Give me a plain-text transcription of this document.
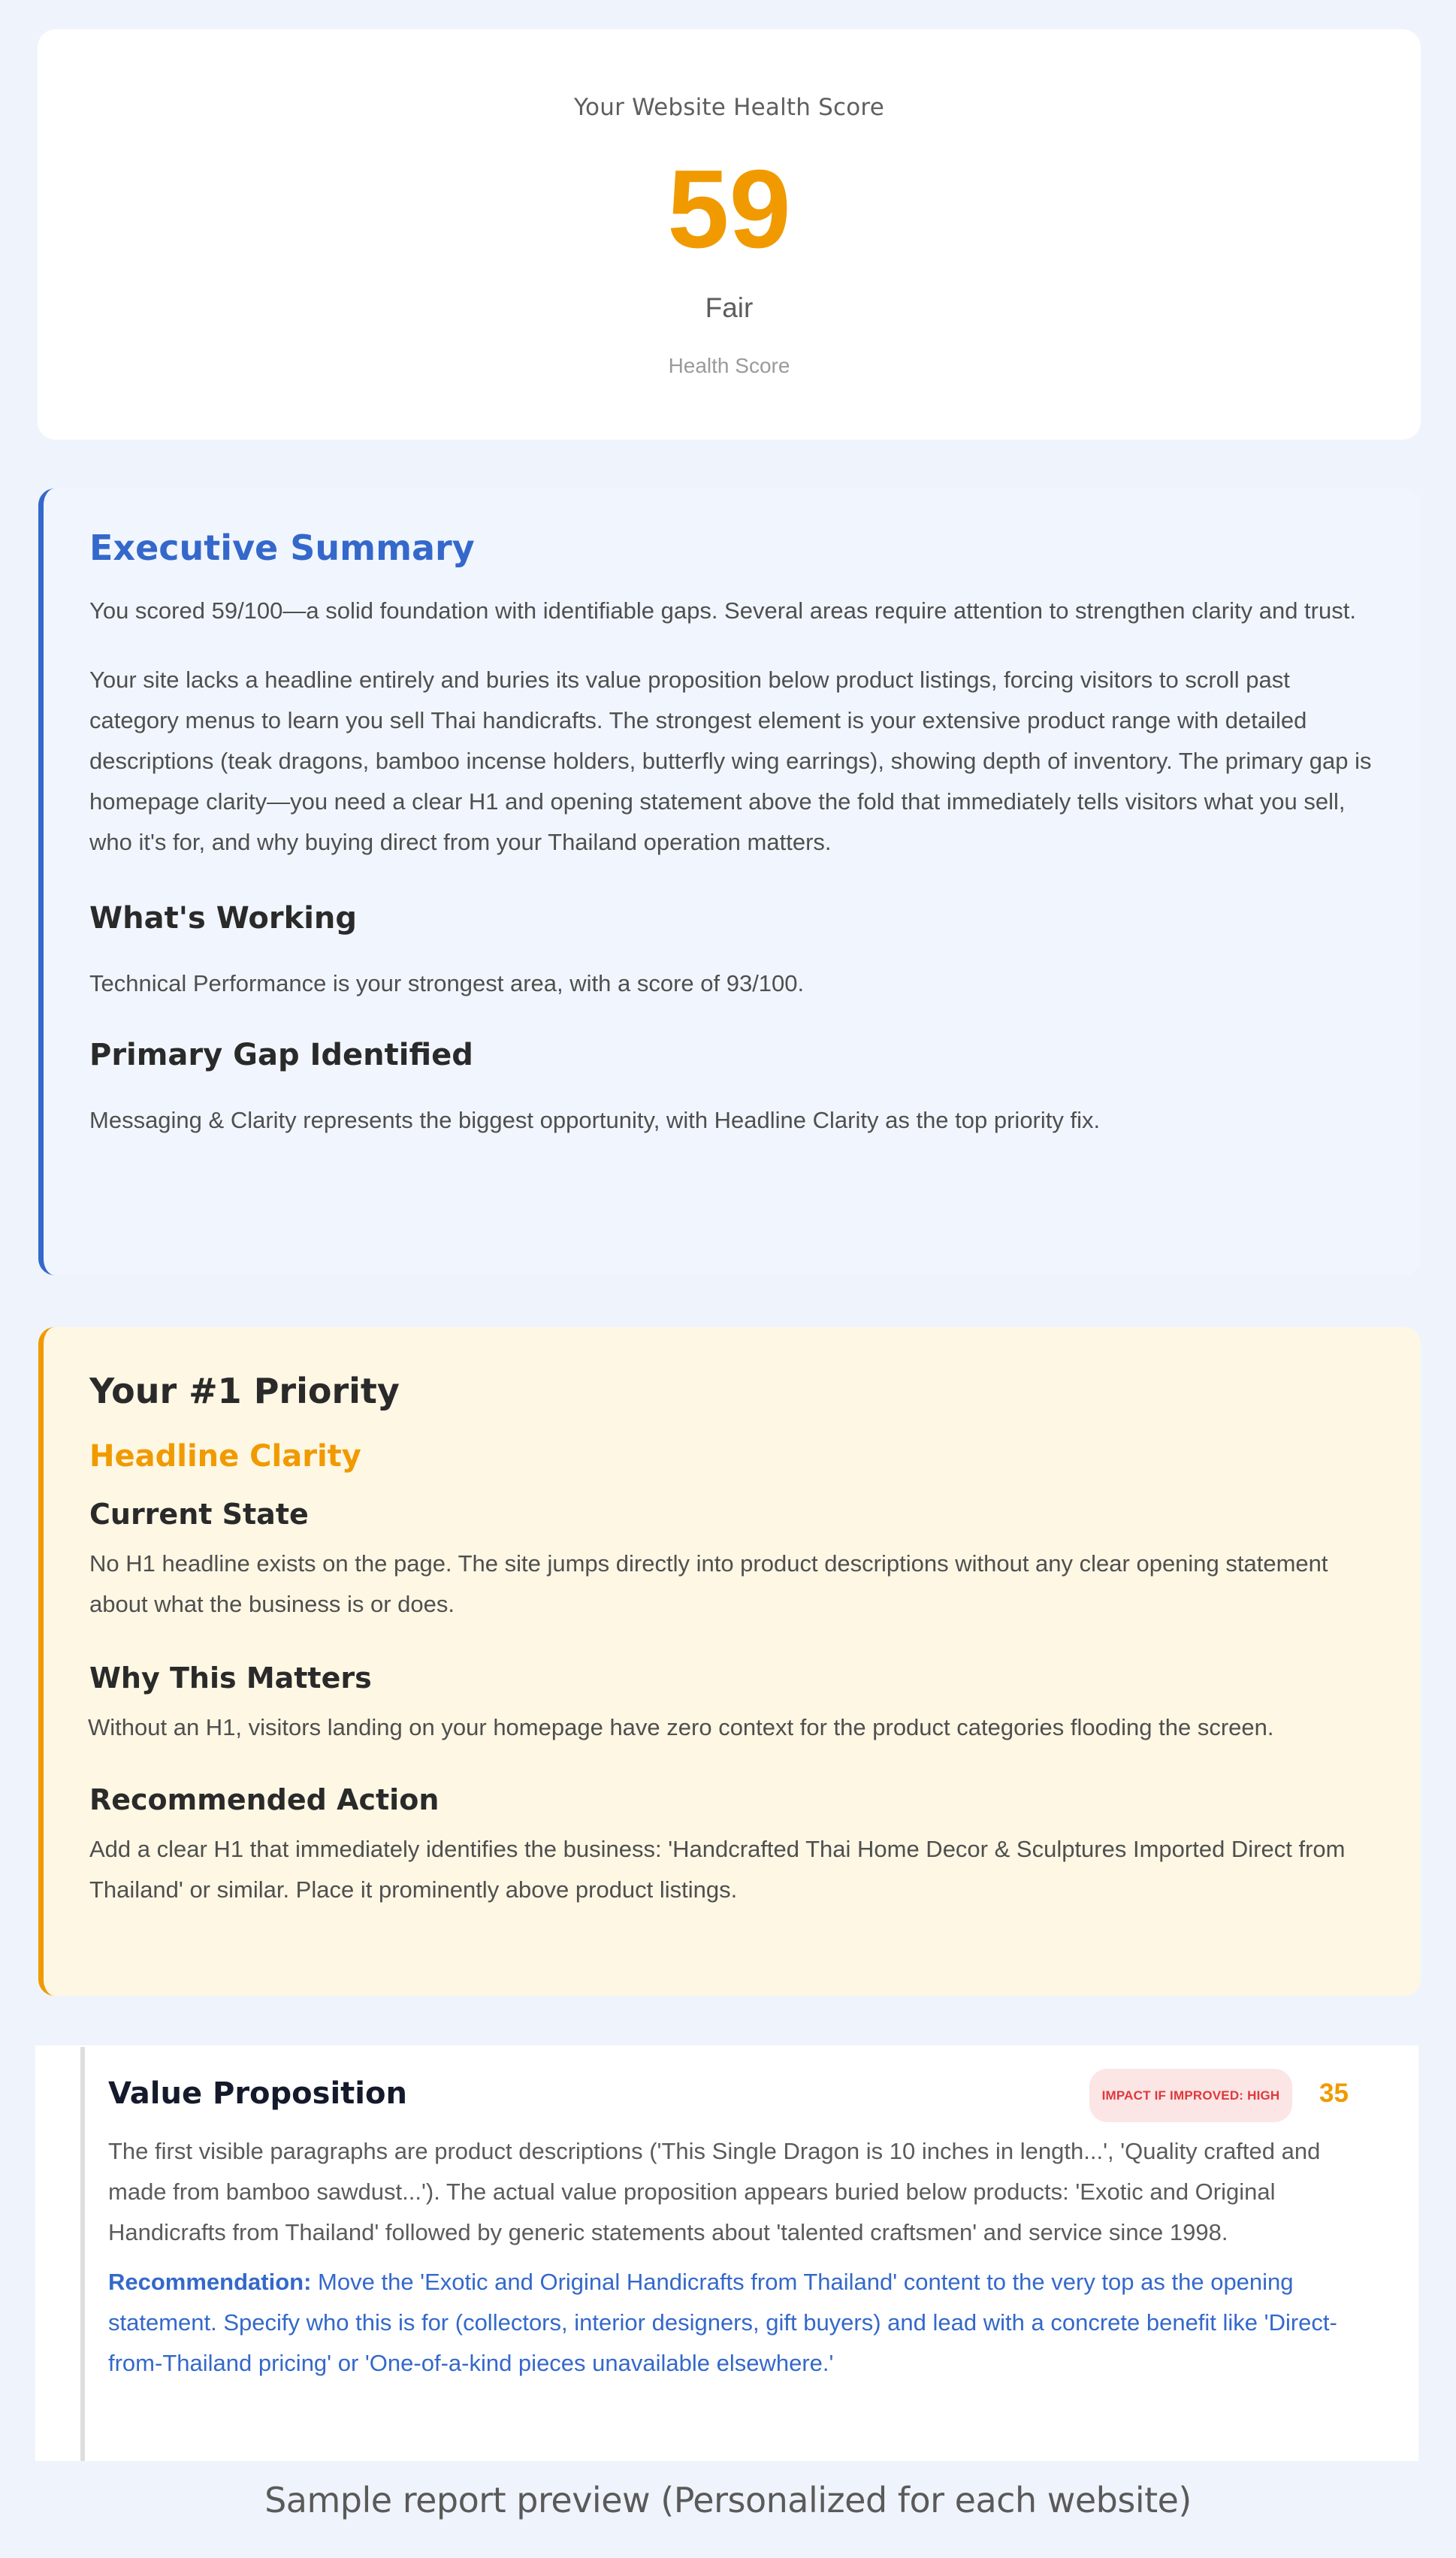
Your Website Health Score
59
Fair
Health Score
Executive Summary

You scored 59/100—a solid foundation with identifiable gaps. Several areas require attention to strengthen clarity and trust.

Your site lacks a headline entirely and buries its value proposition below product listings, forcing visitors to scroll past category menus to learn you sell Thai handicrafts. The strongest element is your extensive product range with detailed descriptions (teak dragons, bamboo incense holders, butterfly wing earrings), showing depth of inventory. The primary gap is homepage clarity—you need a clear H1 and opening statement above the fold that immediately tells visitors what you sell, who it's for, and why buying direct from your Thailand operation matters.

What's Working

Technical Performance is your strongest area, with a score of 93/100.

Primary Gap Identified

Messaging & Clarity represents the biggest opportunity, with Headline Clarity as the top priority fix.

Your #1 Priority
Headline Clarity
Current State

No H1 headline exists on the page. The site jumps directly into product descriptions without any clear opening statement about what the business is or does.

Why This Matters

Without an H1, visitors landing on your homepage have zero context for the product categories flooding the screen.

Recommended Action

Add a clear H1 that immediately identifies the business: 'Handcrafted Thai Home Decor & Sculptures Imported Direct from Thailand' or similar. Place it prominently above product listings.

Value Proposition	IMPACT IF IMPROVED: HIGH	35

The first visible paragraphs are product descriptions ('This Single Dragon is 10 inches in length...', 'Quality crafted and made from bamboo sawdust...'). The actual value proposition appears buried below products: 'Exotic and Original Handicrafts from Thailand' followed by generic statements about 'talented craftsmen' and service since 1998.

Recommendation: Move the 'Exotic and Original Handicrafts from Thailand' content to the very top as the opening statement. Specify who this is for (collectors, interior designers, gift buyers) and lead with a concrete benefit like 'Direct-from-Thailand pricing' or 'One-of-a-kind pieces unavailable elsewhere.'

Sample report preview (Personalized for each website)
